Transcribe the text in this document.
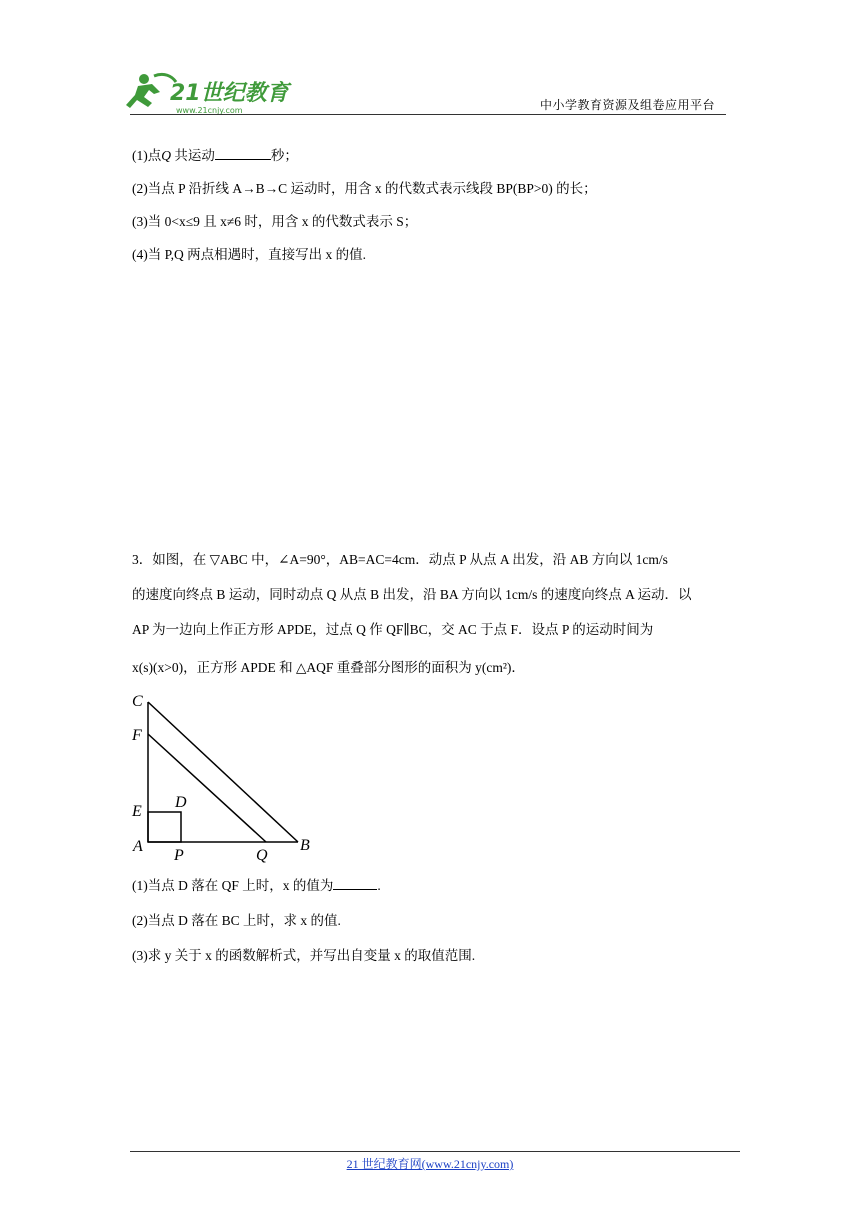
21世纪教育
www.21cnjy.com	中小学教育资源及组卷应用平台
(1)点Q 共运动	秒；
(2)当点 P 沿折线 A→B→C 运动时，用含 x 的代数式表示线段 BP(BP>0) 的长；
(3)当 0<x≤9 且 x≠6 时，用含 x 的代数式表示 S；
(4)当 P,Q 两点相遇时，直接写出 x 的值.
3．如图，在 ▽ABC 中，∠A=90°，AB=AC=4cm．动点 P 从点 A 出发，沿 AB 方向以 1cm/s
的速度向终点 B 运动，同时动点 Q 从点 B 出发，沿 BA 方向以 1cm/s 的速度向终点 A 运动．以
AP 为一边向上作正方形 APDE，过点 Q 作 QF∥BC，交 AC 于点 F．设点 P 的运动时间为
x(s)(x>0)，正方形 APDE 和 △AQF 重叠部分图形的面积为 y(cm²)．
C
F
E
D
A
P	Q
B
(1)当点 D 落在 QF 上时，x 的值为	.
(2)当点 D 落在 BC 上时，求 x 的值.
(3)求 y 关于 x 的函数解析式，并写出自变量 x 的取值范围.
21 世纪教育网(www.21cnjy.com)
